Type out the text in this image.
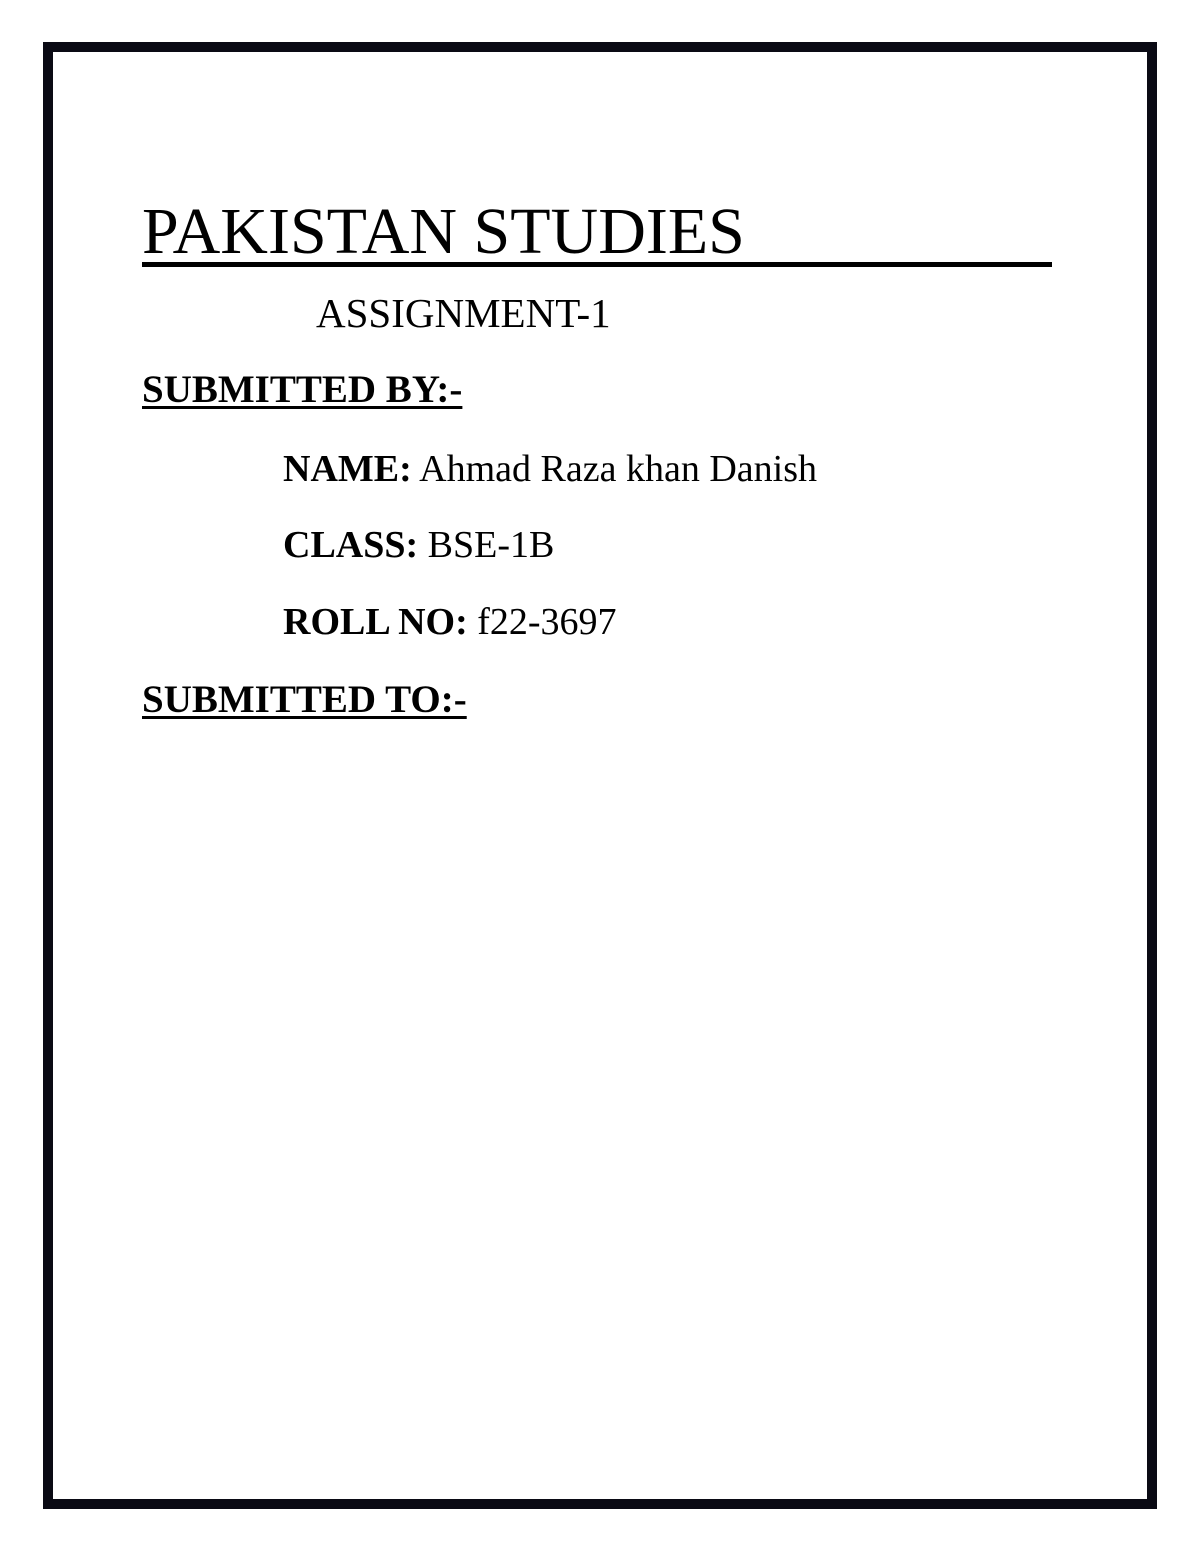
PAKISTAN STUDIES
ASSIGNMENT-1
SUBMITTED BY:-
NAME: Ahmad Raza khan Danish
CLASS: BSE-1B
ROLL NO: f22-3697
SUBMITTED TO:-
